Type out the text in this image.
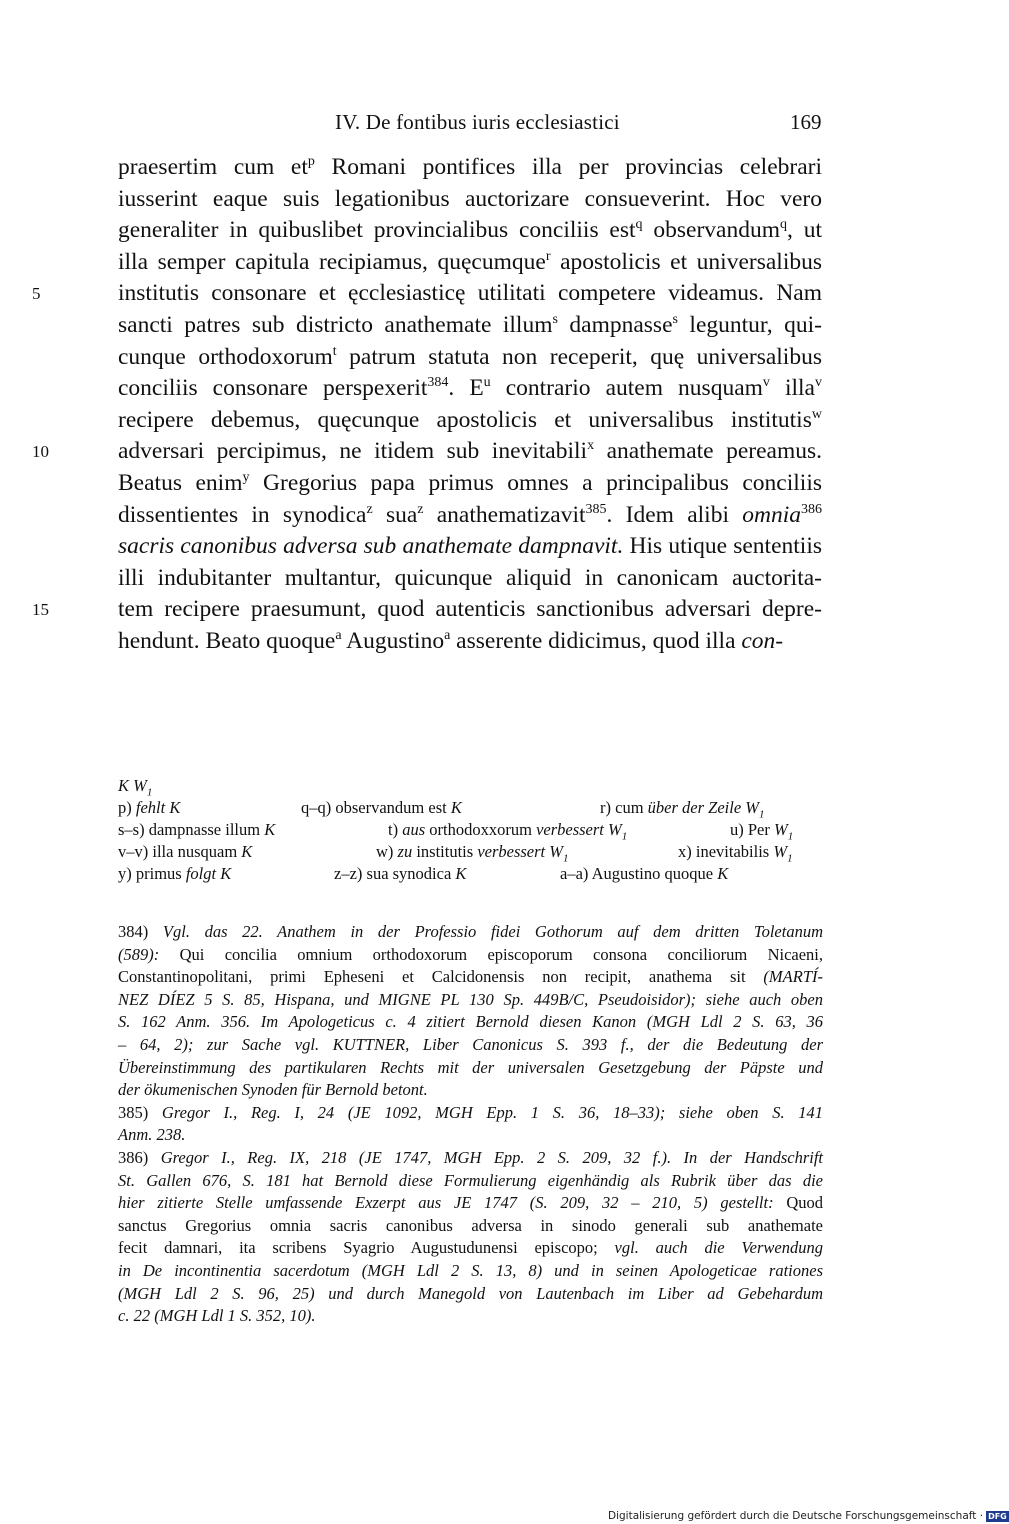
IV. De fontibus iuris ecclesiastici	169
praesertim cum $et^p$ Romani pontifices illa per provincias celebrari
iusserint eaque suis legationibus auctorizare consueverint. Hoc vero
generaliter in quibuslibet provincialibus conciliis est$^q$ observandum$^q$, ut
illa semper capitula recipiamus, quęcumque$^r$ apostolicis et universalibus
5	institutis consonare et ęcclesiasticę utilitati competere videamus. Nam
sancti patres sub districto anathemate illum$^s$ dampnasse$^s$ leguntur, qui-
cunque orthodoxorum$^t$ patrum statuta non receperit, quę universalibus
conciliis consonare perspexerit$^{384}$. $E^u$ contrario autem nusquam$^v$ illa$^v$
recipere debemus, quęcunque apostolicis et universalibus institutis$^w$
10	adversari percipimus, ne itidem sub inevitabili$^x$ anathemate pereamus.
Beatus enim$^y$ Gregorius papa primus omnes a principalibus conciliis
dissentientes in synodica$^z$ sua$^z$ anathematizavit$^{385}$. Idem alibi omnia$^{386}$
sacris canonibus adversa sub anathemate dampnavit. His utique sententiis
illi indubitanter multantur, quicunque aliquid in canonicam auctorita-
15	tem recipere praesumunt, quod autenticis sanctionibus adversari depre-
hendunt. Beato quoque$^a$ Augustino$^a$ asserente didicimus, quod illa con-
K $W_1$
p) fehlt K	q–q) observandum est K	r) cum über der Zeile $W_1$
s–s) dampnasse illum K	t) aus orthodoxxorum verbessert $W_1$	u) Per $W_1$
v–v) illa nusquam K	w) zu institutis verbessert $W_1$	x) inevitabilis $W_1$
y) primus folgt K	z–z) sua synodica K	a–a) Augustino quoque K
384) Vgl. das 22. Anathem in der Professio fidei Gothorum auf dem dritten Toletanum
(589): Qui concilia omnium orthodoxorum episcoporum consona conciliorum Nicaeni,
Constantinopolitani, primi Epheseni et Calcidonensis non recipit, anathema sit (MARTÍ-
NEZ DÍEZ 5 S. 85, Hispana, und MIGNE PL 130 Sp. 449B/C, Pseudoisidor); siehe auch oben
S. 162 Anm. 356. Im Apologeticus c. 4 zitiert Bernold diesen Kanon (MGH Ldl 2 S. 63, 36
– 64, 2); zur Sache vgl. KUTTNER, Liber Canonicus S. 393 f., der die Bedeutung der
Übereinstimmung des partikularen Rechts mit der universalen Gesetzgebung der Päpste und
der ökumenischen Synoden für Bernold betont.
385) Gregor I., Reg. I, 24 (JE 1092, MGH Epp. 1 S. 36, 18–33); siehe oben S. 141
Anm. 238.
386) Gregor I., Reg. IX, 218 (JE 1747, MGH Epp. 2 S. 209, 32 f.). In der Handschrift
St. Gallen 676, S. 181 hat Bernold diese Formulierung eigenhändig als Rubrik über das die
hier zitierte Stelle umfassende Exzerpt aus JE 1747 (S. 209, 32 – 210, 5) gestellt: Quod
sanctus Gregorius omnia sacris canonibus adversa in sinodo generali sub anathemate
fecit damnari, ita scribens Syagrio Augustudunensi episcopo; vgl. auch die Verwendung
in De incontinentia sacerdotum (MGH Ldl 2 S. 13, 8) und in seinen Apologeticae rationes
(MGH Ldl 2 S. 96, 25) und durch Manegold von Lautenbach im Liber ad Gebehardum
c. 22 (MGH Ldl 1 S. 352, 10).
Digitalisierung gefördert durch die Deutsche Forschungsgemeinschaft · DFG
